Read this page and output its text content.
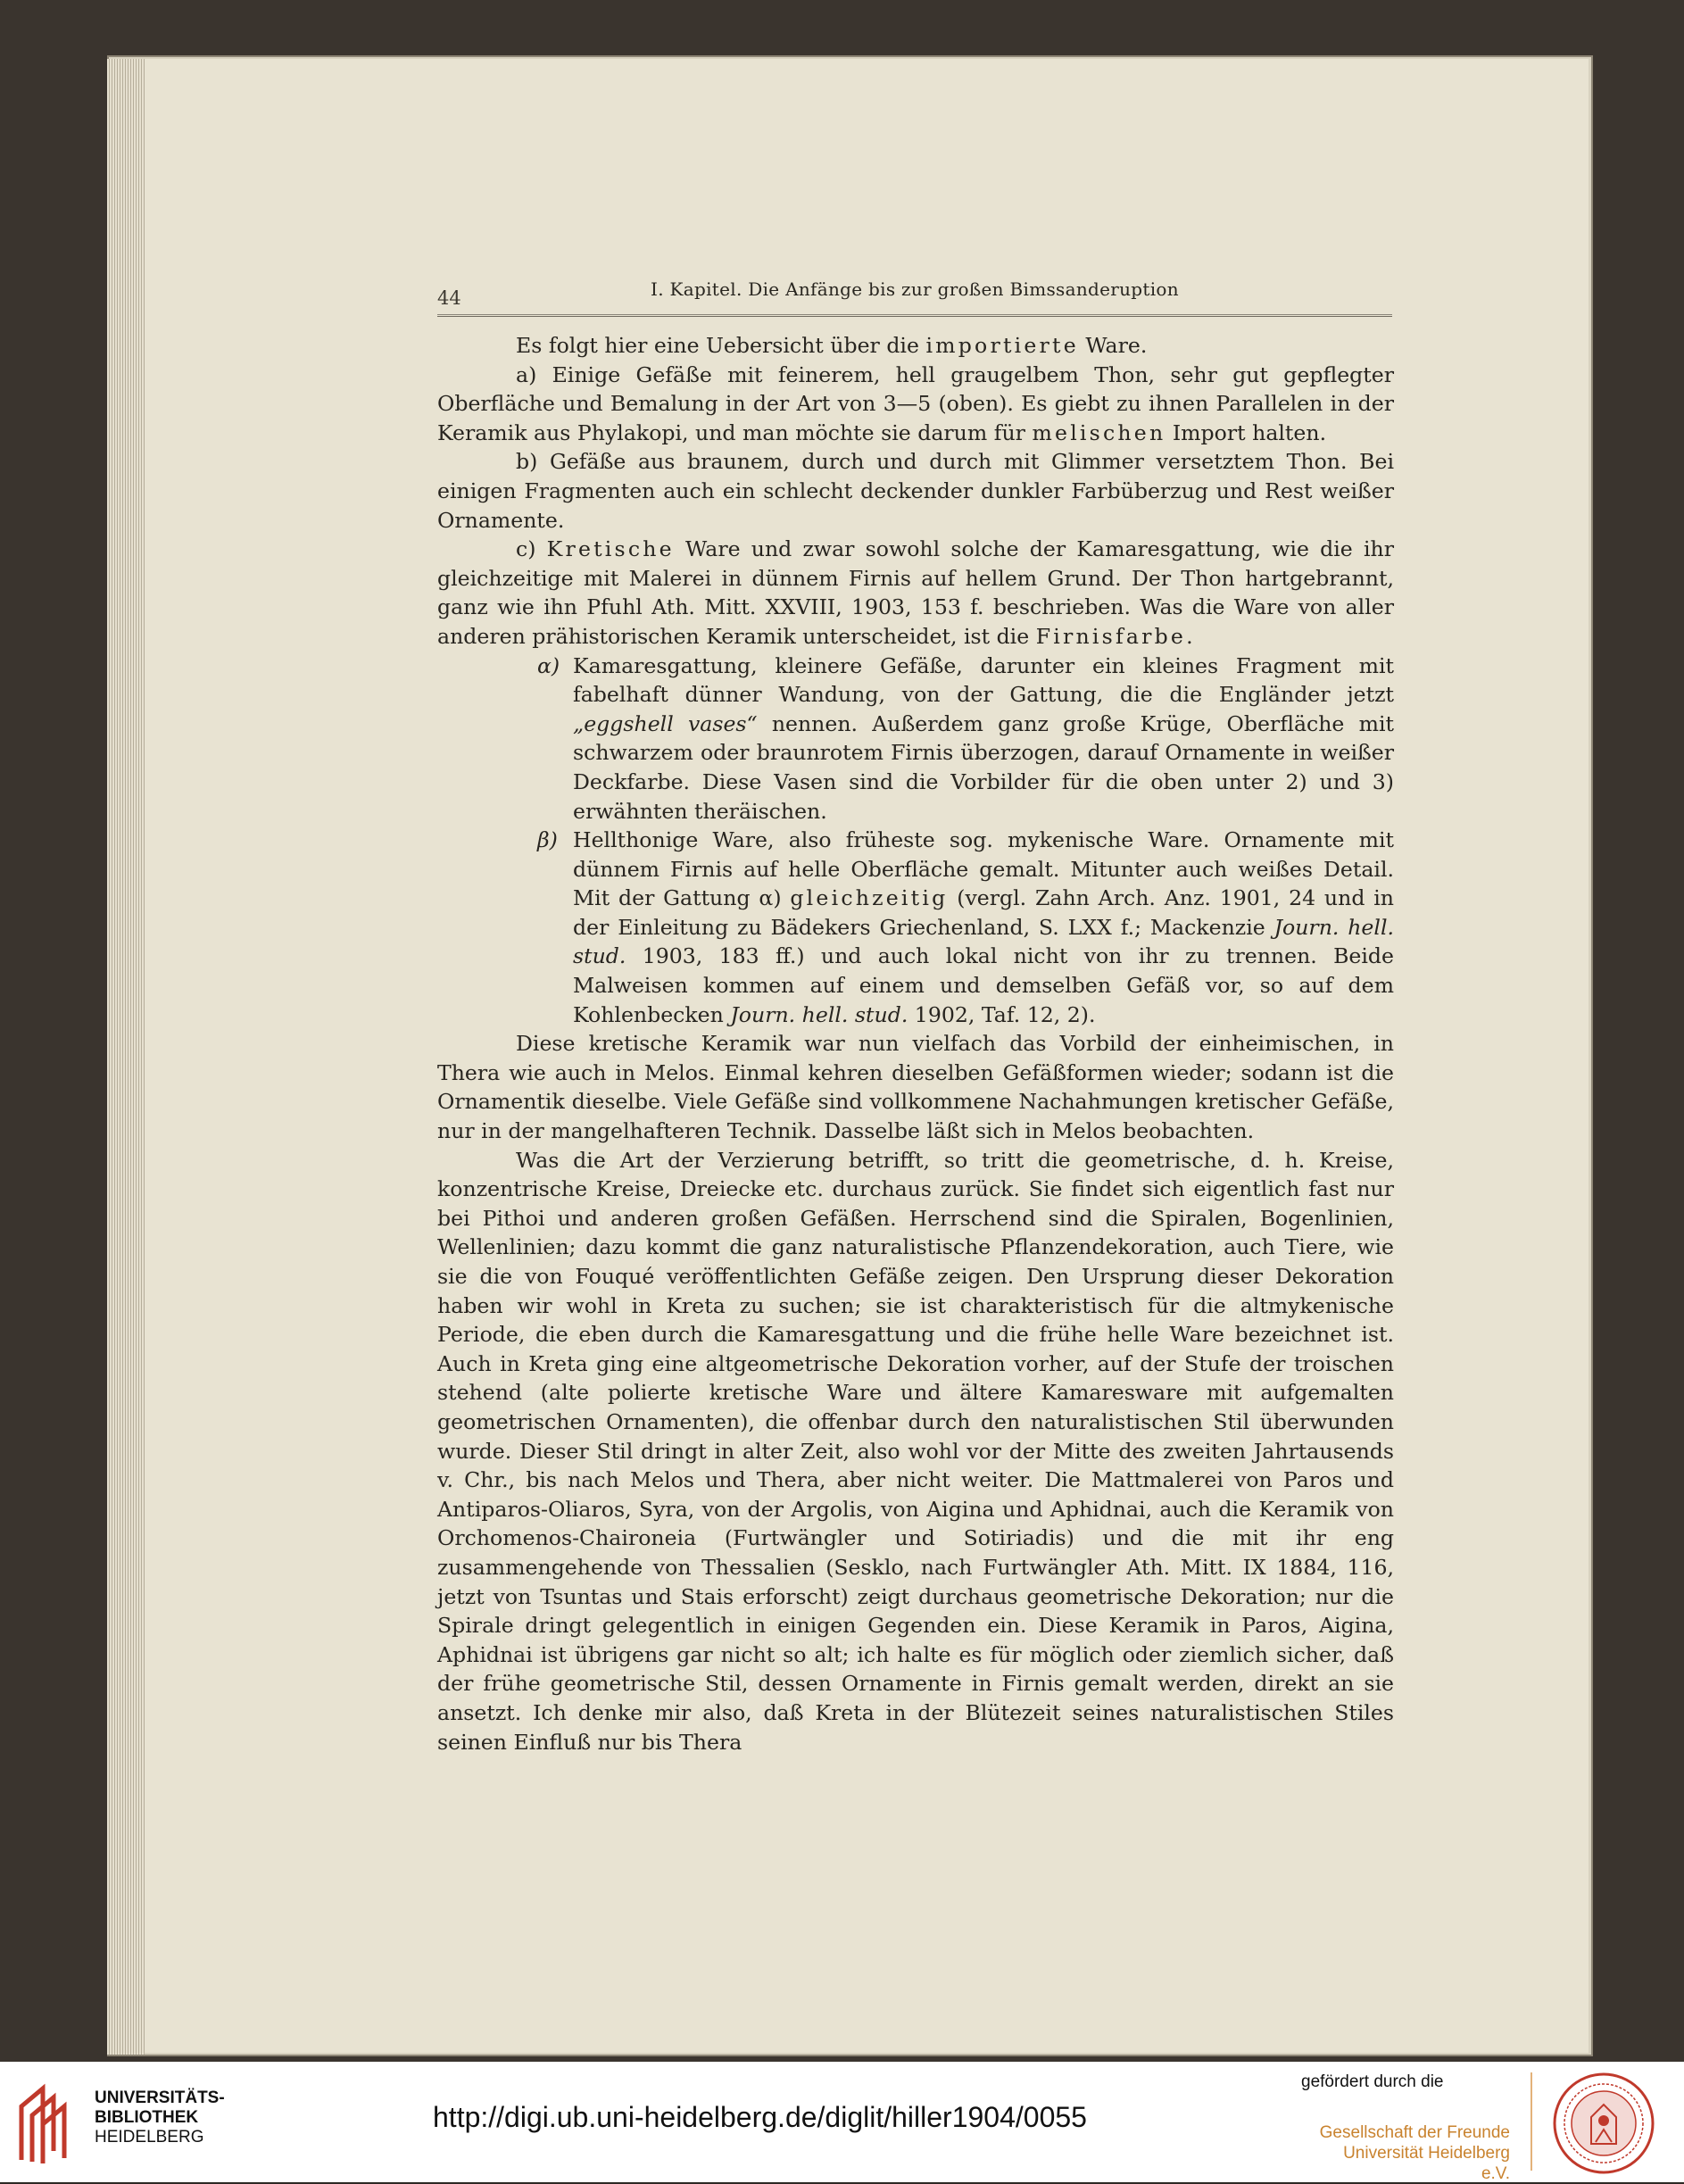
44	I. Kapitel. Die Anfänge bis zur großen Bimssanderuption

Es folgt hier eine Uebersicht über die importierte Ware.

a) Einige Gefäße mit feinerem, hell graugelbem Thon, sehr gut gepflegter Oberfläche und Bemalung in der Art von 3—5 (oben). Es giebt zu ihnen Parallelen in der Keramik aus Phylakopi, und man möchte sie darum für melischen Import halten.

b) Gefäße aus braunem, durch und durch mit Glimmer versetztem Thon. Bei einigen Fragmenten auch ein schlecht deckender dunkler Farbüberzug und Rest weißer Ornamente.

c) Kretische Ware und zwar sowohl solche der Kamaresgattung, wie die ihr gleichzeitige mit Malerei in dünnem Firnis auf hellem Grund. Der Thon hartgebrannt, ganz wie ihn Pfuhl Ath. Mitt. XXVIII, 1903, 153 f. beschrieben. Was die Ware von aller anderen prähistorischen Keramik unterscheidet, ist die Firnisfarbe.

α) Kamaresgattung, kleinere Gefäße, darunter ein kleines Fragment mit fabelhaft dünner Wandung, von der Gattung, die die Engländer jetzt „eggshell vases“ nennen. Außerdem ganz große Krüge, Oberfläche mit schwarzem oder braunrotem Firnis überzogen, darauf Ornamente in weißer Deckfarbe. Diese Vasen sind die Vorbilder für die oben unter 2) und 3) erwähnten theräischen.

β) Hellthonige Ware, also früheste sog. mykenische Ware. Ornamente mit dünnem Firnis auf helle Oberfläche gemalt. Mitunter auch weißes Detail. Mit der Gattung α) gleichzeitig (vergl. Zahn Arch. Anz. 1901, 24 und in der Einleitung zu Bädekers Griechenland, S. LXX f.; Mackenzie Journ. hell. stud. 1903, 183 ff.) und auch lokal nicht von ihr zu trennen. Beide Malweisen kommen auf einem und demselben Gefäß vor, so auf dem Kohlenbecken Journ. hell. stud. 1902, Taf. 12, 2).

Diese kretische Keramik war nun vielfach das Vorbild der einheimischen, in Thera wie auch in Melos. Einmal kehren dieselben Gefäßformen wieder; sodann ist die Ornamentik dieselbe. Viele Gefäße sind vollkommene Nachahmungen kretischer Gefäße, nur in der mangelhafteren Technik. Dasselbe läßt sich in Melos beobachten.

Was die Art der Verzierung betrifft, so tritt die geometrische, d. h. Kreise, konzentrische Kreise, Dreiecke etc. durchaus zurück. Sie findet sich eigentlich fast nur bei Pithoi und anderen großen Gefäßen. Herrschend sind die Spiralen, Bogenlinien, Wellenlinien; dazu kommt die ganz naturalistische Pflanzendekoration, auch Tiere, wie sie die von Fouqué veröffentlichten Gefäße zeigen. Den Ursprung dieser Dekoration haben wir wohl in Kreta zu suchen; sie ist charakteristisch für die altmykenische Periode, die eben durch die Kamaresgattung und die frühe helle Ware bezeichnet ist. Auch in Kreta ging eine altgeometrische Dekoration vorher, auf der Stufe der troischen stehend (alte polierte kretische Ware und ältere Kamaresware mit aufgemalten geometrischen Ornamenten), die offenbar durch den naturalistischen Stil überwunden wurde. Dieser Stil dringt in alter Zeit, also wohl vor der Mitte des zweiten Jahrtausends v. Chr., bis nach Melos und Thera, aber nicht weiter. Die Mattmalerei von Paros und Antiparos-Oliaros, Syra, von der Argolis, von Aigina und Aphidnai, auch die Keramik von Orchomenos-Chaironeia (Furtwängler und Sotiriadis) und die mit ihr eng zusammengehende von Thessalien (Sesklo, nach Furtwängler Ath. Mitt. IX 1884, 116, jetzt von Tsuntas und Stais erforscht) zeigt durchaus geometrische Dekoration; nur die Spirale dringt gelegentlich in einigen Gegenden ein. Diese Keramik in Paros, Aigina, Aphidnai ist übrigens gar nicht so alt; ich halte es für möglich oder ziemlich sicher, daß der frühe geometrische Stil, dessen Ornamente in Firnis gemalt werden, direkt an sie ansetzt. Ich denke mir also, daß Kreta in der Blütezeit seines naturalistischen Stiles seinen Einfluß nur bis Thera

UNIVERSITÄTS-
BIBLIOTHEK
HEIDELBERG
http://digi.ub.uni-heidelberg.de/diglit/hiller1904/0055
gefördert durch die
Gesellschaft der Freunde
Universität Heidelberg e.V.
